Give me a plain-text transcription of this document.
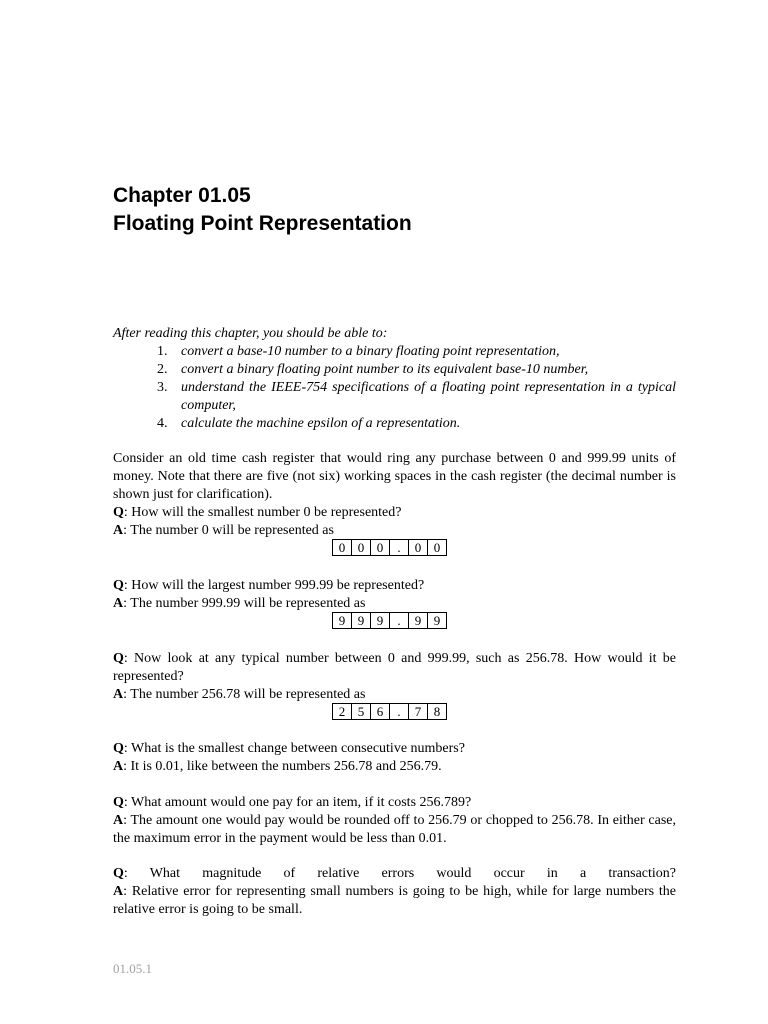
Chapter 01.05
Floating Point Representation
After reading this chapter, you should be able to:
1 .	convert a base-10 number to a binary floating point representation,
2 .	convert a binary floating point number to its equivalent base-10 number,
3 .	understand the IEEE-754 specifications of a floating point representation in a typical computer,
4 .	calculate the machine epsilon of a representation.
Consider an old time cash register that would ring any purchase between 0 and 999.99 units of money. Note that there are five (not six) working spaces in the cash register (the decimal number is shown just for clarification).
Q: How will the smallest number 0 be represented?
A: The number 0 will be represented as
0 0 0	.	0 0
Q: How will the largest number 999.99 be represented?
A: The number 999.99 will be represented as
9 9 9	.	9 9
Q: Now look at any typical number between 0 and 999.99, such as 256.78. How would it be represented?
A: The number 256.78 will be represented as
2 5 6	.	7 8
Q: What is the smallest change between consecutive numbers?
A: It is 0.01, like between the numbers 256.78 and 256.79.
Q: What amount would one pay for an item, if it costs 256.789?
A: The amount one would pay would be rounded off to 256.79 or chopped to 256.78. In either case, the maximum error in the payment would be less than 0.01.
Q: What magnitude of relative errors would occur in a transaction?
A: Relative error for representing small numbers is going to be high, while for large numbers the relative error is going to be small.
01.05.1
